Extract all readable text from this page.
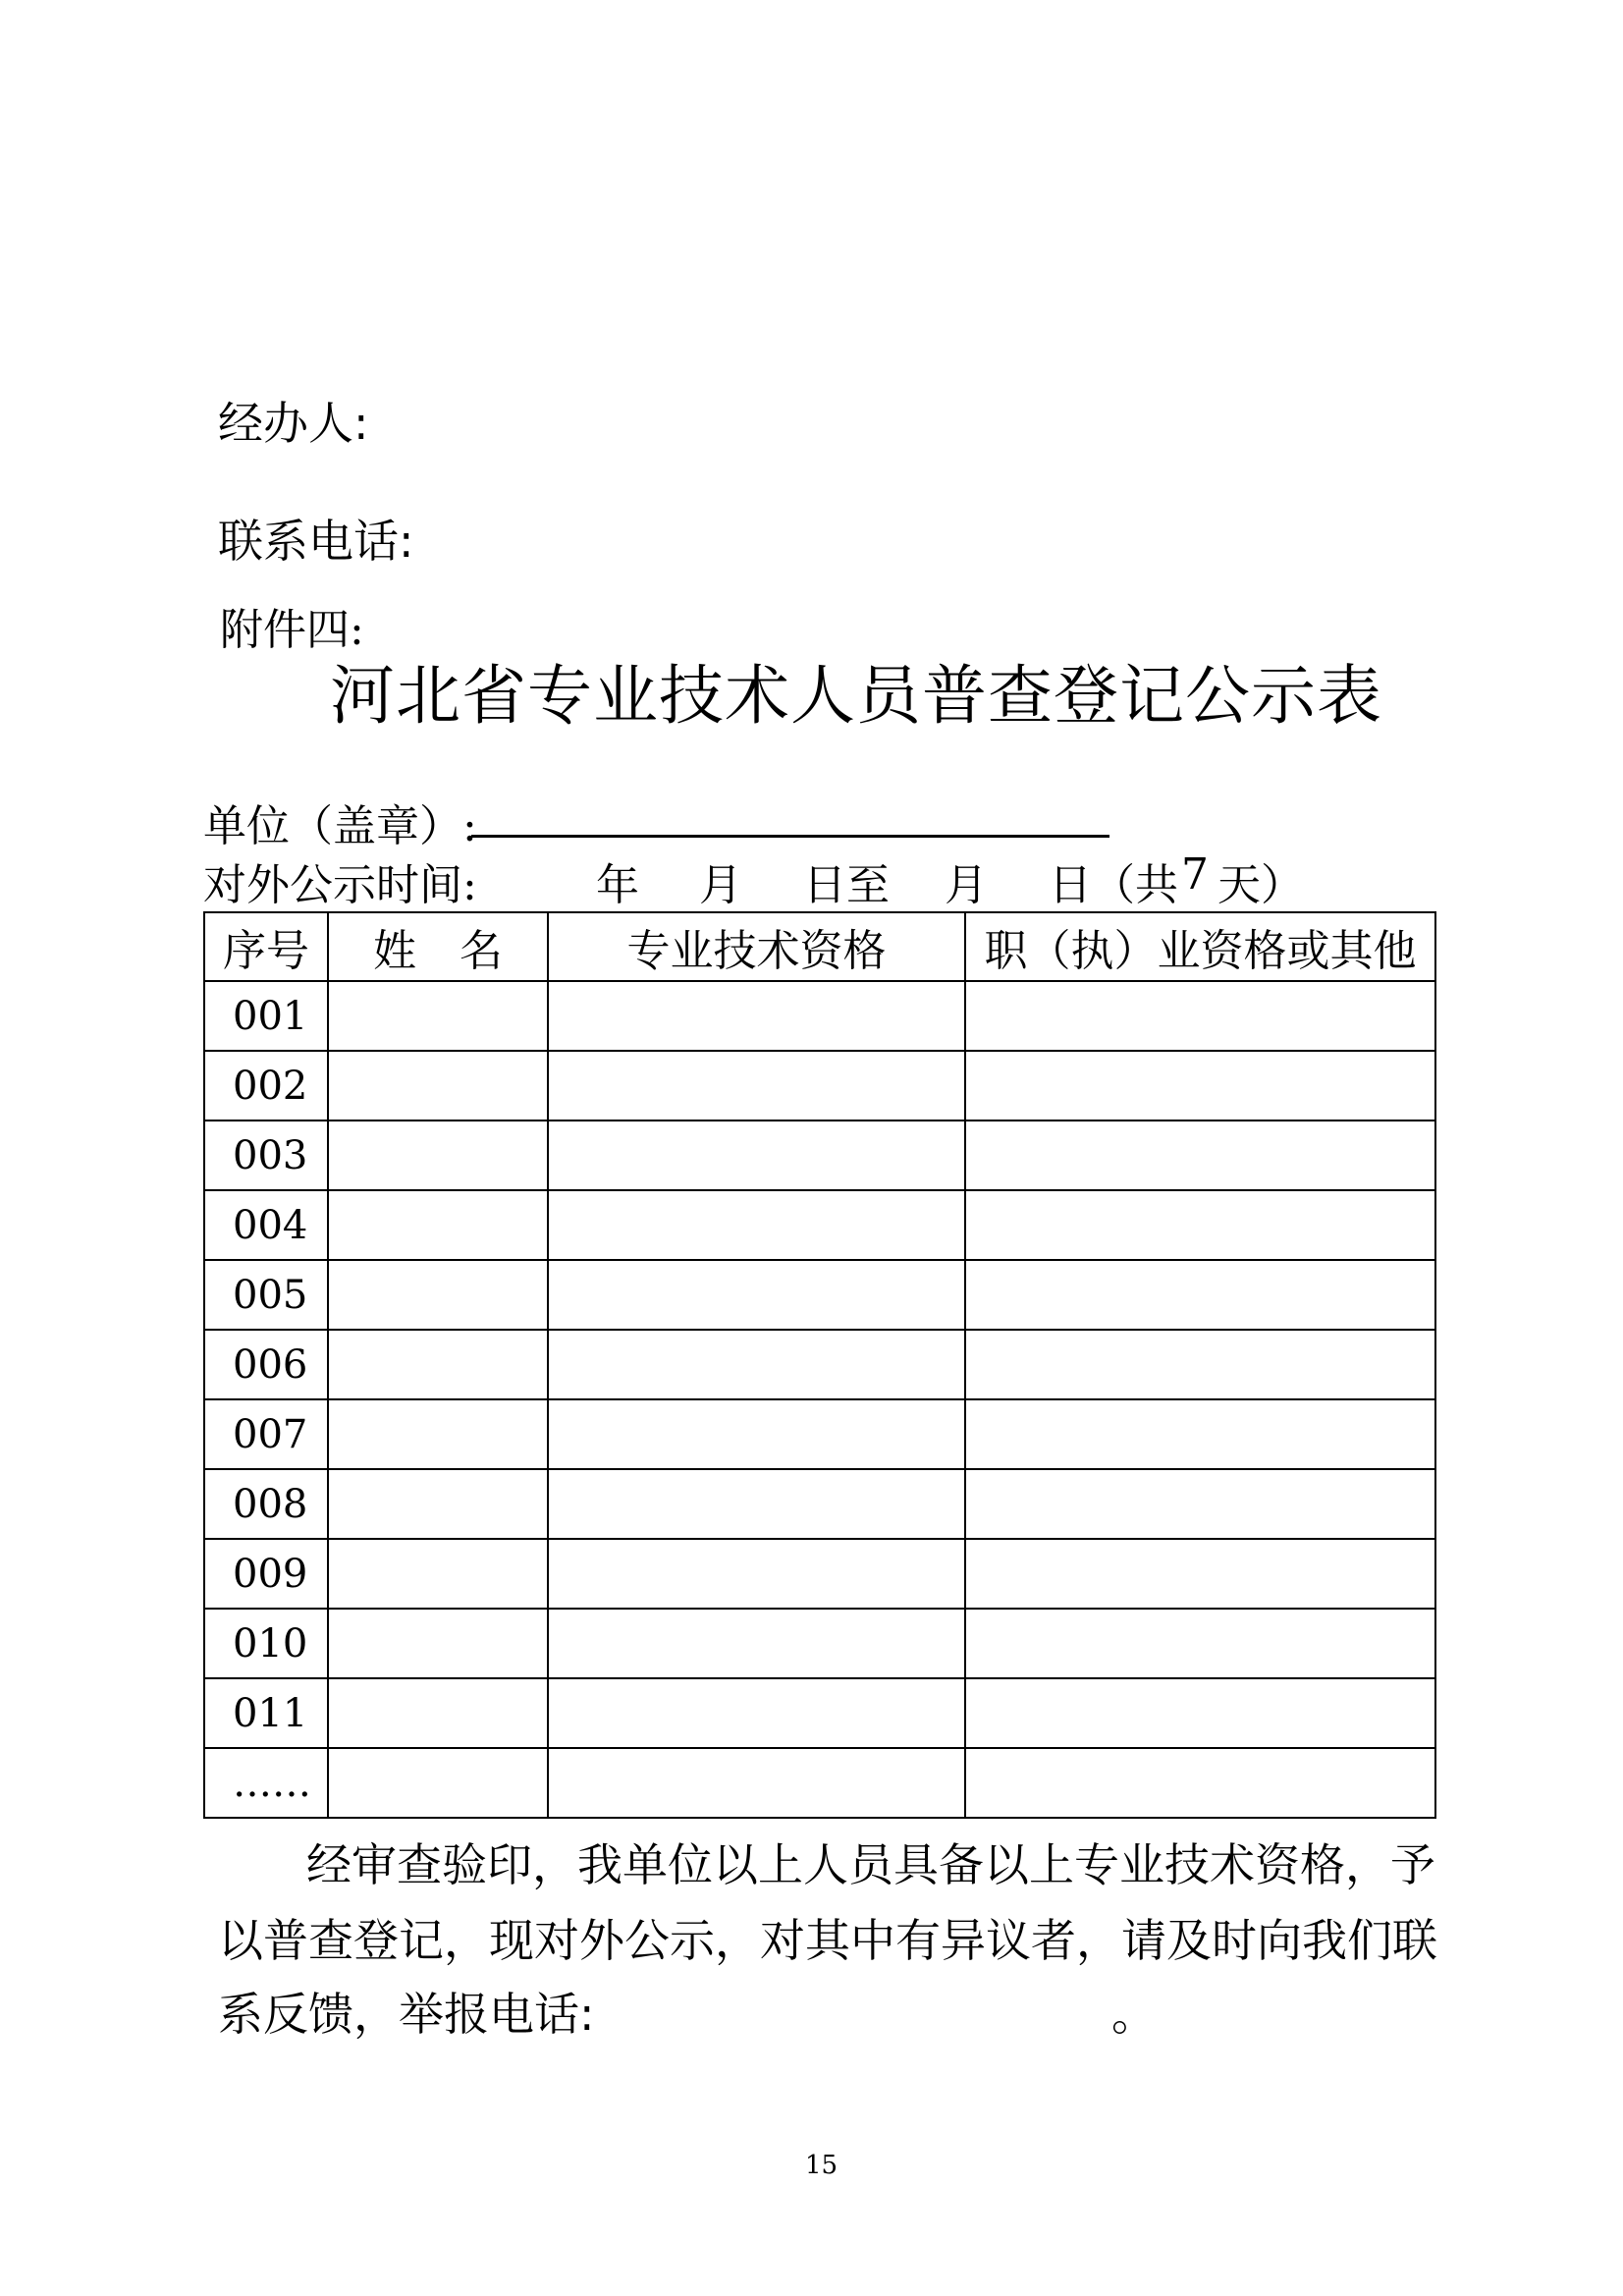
经办人:
联系电话:
附件四:
河北省专业技术人员普查登记公示表
单位（盖章）:
对外公示时间:	年 月 日至 月 日（共 7 天）
序号	姓　名	专业技术资格	职（执）业资格或其他
001			
002			
003			
004			
005			
006			
007			
008			
009			
010			
011			
……			
经审查验印，我单位以上人员具备以上专业技术资格，予
以普查登记，现对外公示，对其中有异议者，请及时向我们联
系反馈，举报电话:	。
15
